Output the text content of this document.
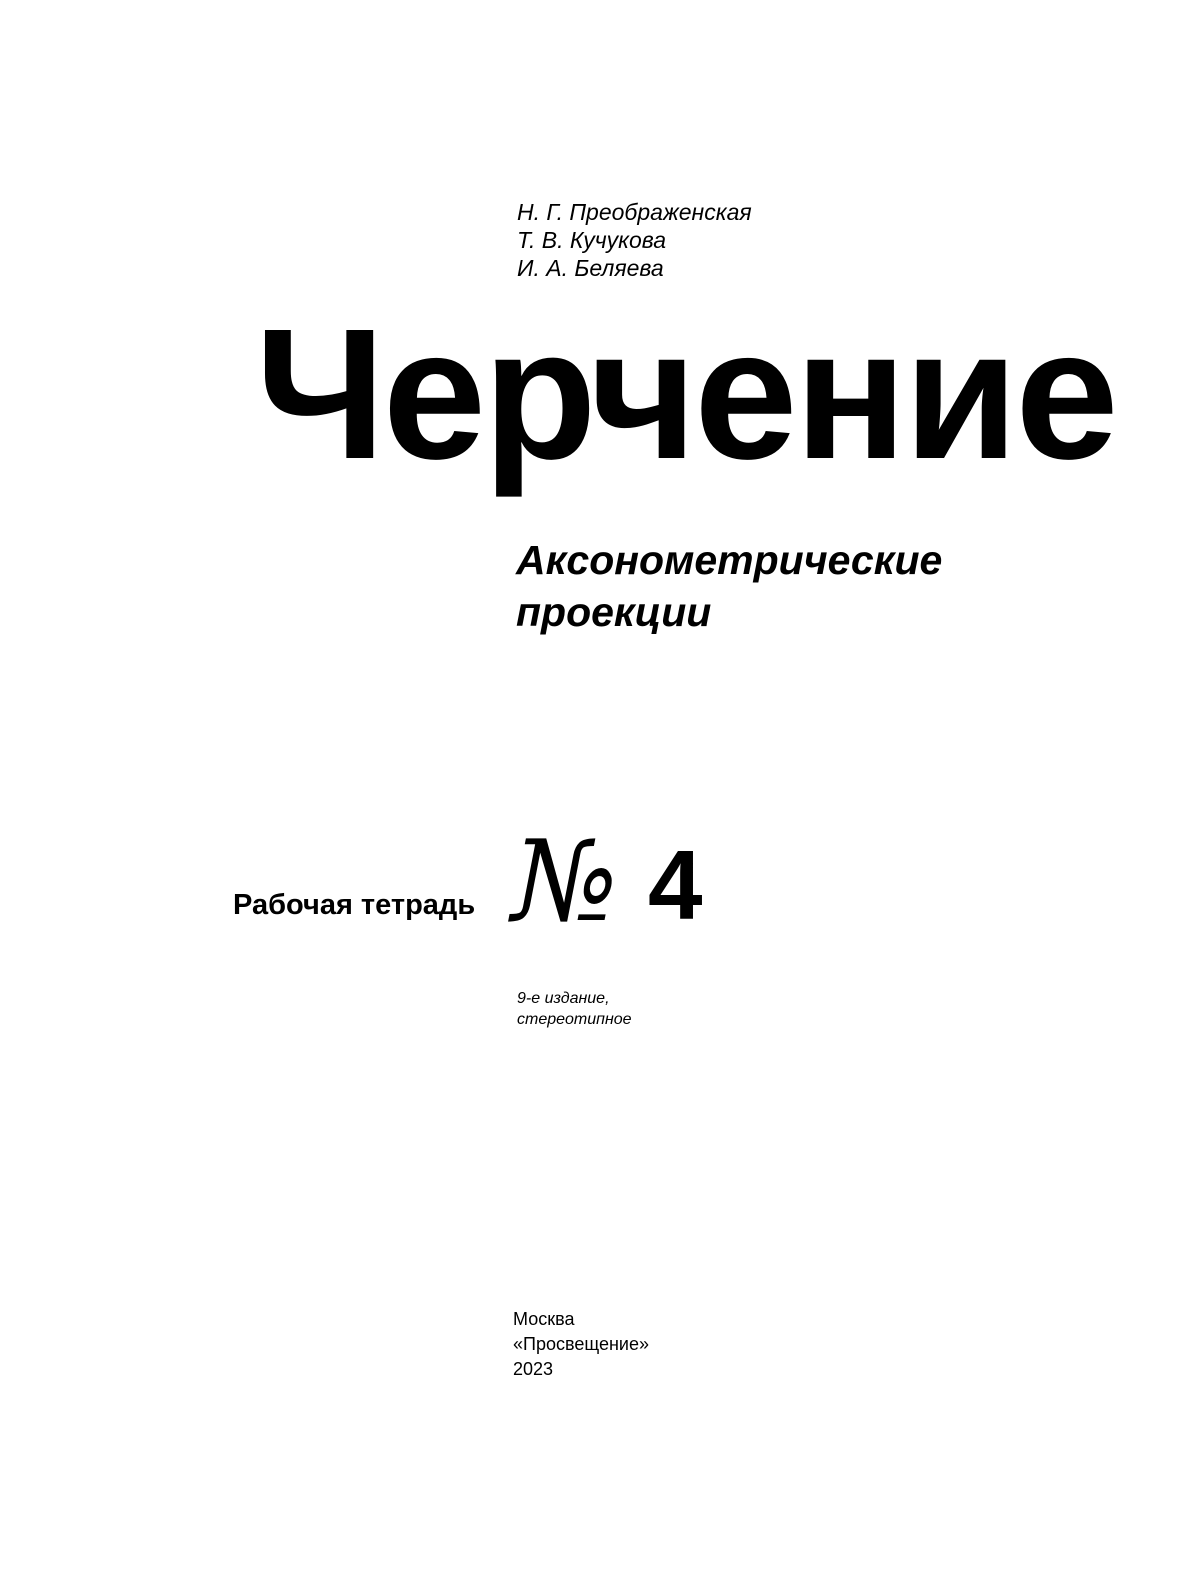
Н. Г. Преображенская
Т. В. Кучукова
И. А. Беляева
Черчение
Аксонометрические
проекции
Рабочая тетрадь № 4
9-е издание,
стереотипное
Москва
«Просвещение»
2023
